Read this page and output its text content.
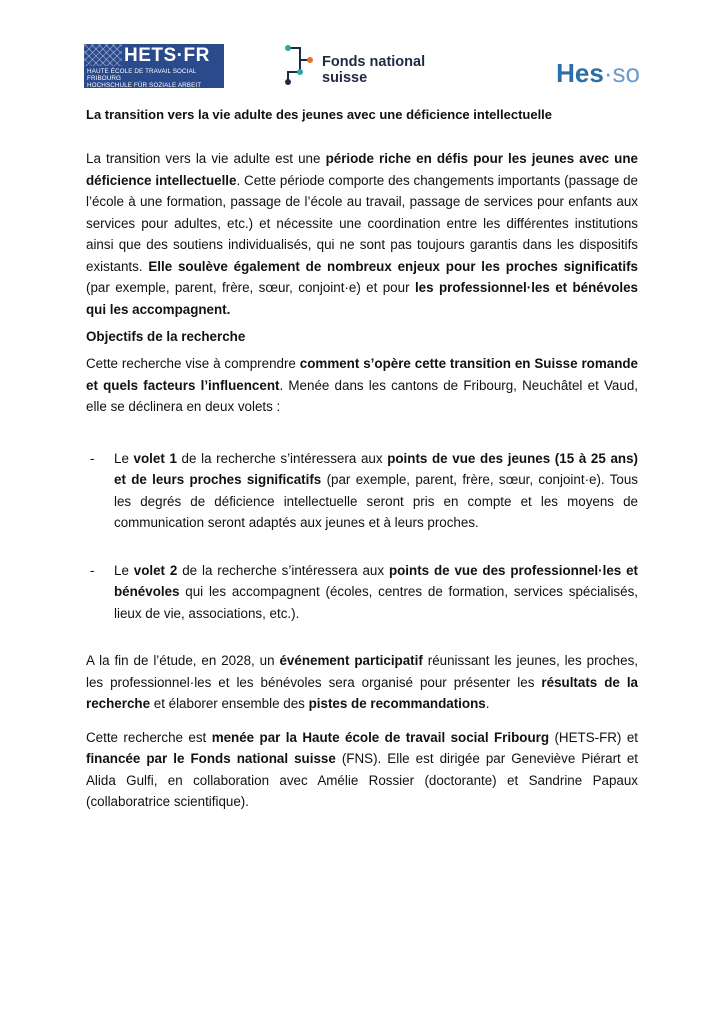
HETS·FR
HAUTE ÉCOLE DE TRAVAIL SOCIAL FRIBOURG
HOCHSCHULE FÜR SOZIALE ARBEIT FREIBURG
Fonds national
suisse	Hes·so
La transition vers la vie adulte des jeunes avec une déficience intellectuelle

La transition vers la vie adulte est une période riche en défis pour les jeunes avec une déficience intellectuelle. Cette période comporte des changements importants (passage de l’école à une formation, passage de l’école au travail, passage de services pour enfants aux services pour adultes, etc.) et nécessite une coordination entre les différentes institutions ainsi que des soutiens individualisés, qui ne sont pas toujours garantis dans les dispositifs existants. Elle soulève également de nombreux enjeux pour les proches significatifs (par exemple, parent, frère, sœur, conjoint·e) et pour les professionnel·les et bénévoles qui les accompagnent.

Objectifs de la recherche

Cette recherche vise à comprendre comment s’opère cette transition en Suisse romande et quels facteurs l’influencent. Menée dans les cantons de Fribourg, Neuchâtel et Vaud, elle se déclinera en deux volets :

- Le volet 1 de la recherche s’intéressera aux points de vue des jeunes (15 à 25 ans) et de leurs proches significatifs (par exemple, parent, frère, sœur, conjoint·e). Tous les degrés de déficience intellectuelle seront pris en compte et les moyens de communication seront adaptés aux jeunes et à leurs proches.
- Le volet 2 de la recherche s’intéressera aux points de vue des professionnel·les et bénévoles qui les accompagnent (écoles, centres de formation, services spécialisés, lieux de vie, associations, etc.).

A la fin de l’étude, en 2028, un événement participatif réunissant les jeunes, les proches, les professionnel·les et les bénévoles sera organisé pour présenter les résultats de la recherche et élaborer ensemble des pistes de recommandations.

Cette recherche est menée par la Haute école de travail social Fribourg (HETS-FR) et financée par le Fonds national suisse (FNS). Elle est dirigée par Geneviève Piérart et Alida Gulfi, en collaboration avec Amélie Rossier (doctorante) et Sandrine Papaux (collaboratrice scientifique).
